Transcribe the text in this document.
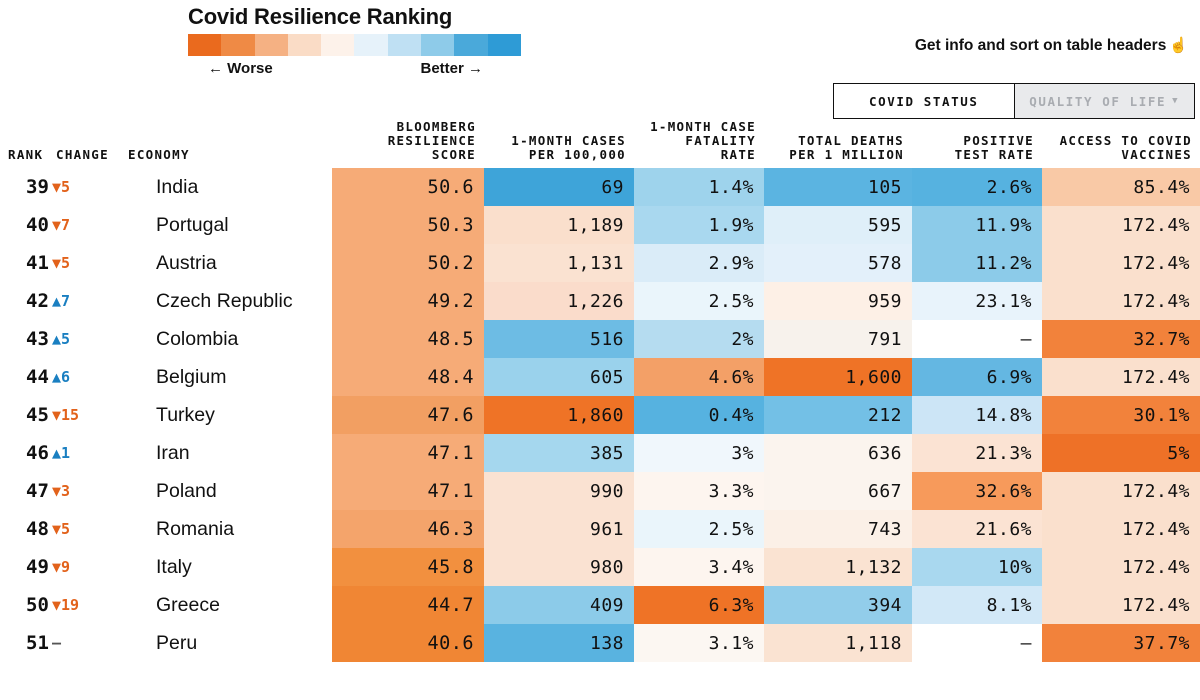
Covid Resilience Ranking
← Worse	Better →
Get info and sort on table headers ☝
COVID STATUS	QUALITY OF LIFE ▼
RANK	CHANGE	ECONOMY	BLOOMBERG RESILIENCE SCORE	1-MONTH CASES PER 100,000	1-MONTH CASE FATALITY RATE	TOTAL DEATHS PER 1 MILLION	POSITIVE TEST RATE	ACCESS TO COVID VACCINES
39	▼5	India	50.6	69	1.4%	105	2.6%	85.4%
40	▼7	Portugal	50.3	1,189	1.9%	595	11.9%	172.4%
41	▼5	Austria	50.2	1,131	2.9%	578	11.2%	172.4%
42	▲7	Czech Republic	49.2	1,226	2.5%	959	23.1%	172.4%
43	▲5	Colombia	48.5	516	2%	791	–	32.7%
44	▲6	Belgium	48.4	605	4.6%	1,600	6.9%	172.4%
45	▼15	Turkey	47.6	1,860	0.4%	212	14.8%	30.1%
46	▲1	Iran	47.1	385	3%	636	21.3%	5%
47	▼3	Poland	47.1	990	3.3%	667	32.6%	172.4%
48	▼5	Romania	46.3	961	2.5%	743	21.6%	172.4%
49	▼9	Italy	45.8	980	3.4%	1,132	10%	172.4%
50	▼19	Greece	44.7	409	6.3%	394	8.1%	172.4%
51	–	Peru	40.6	138	3.1%	1,118	–	37.7%
